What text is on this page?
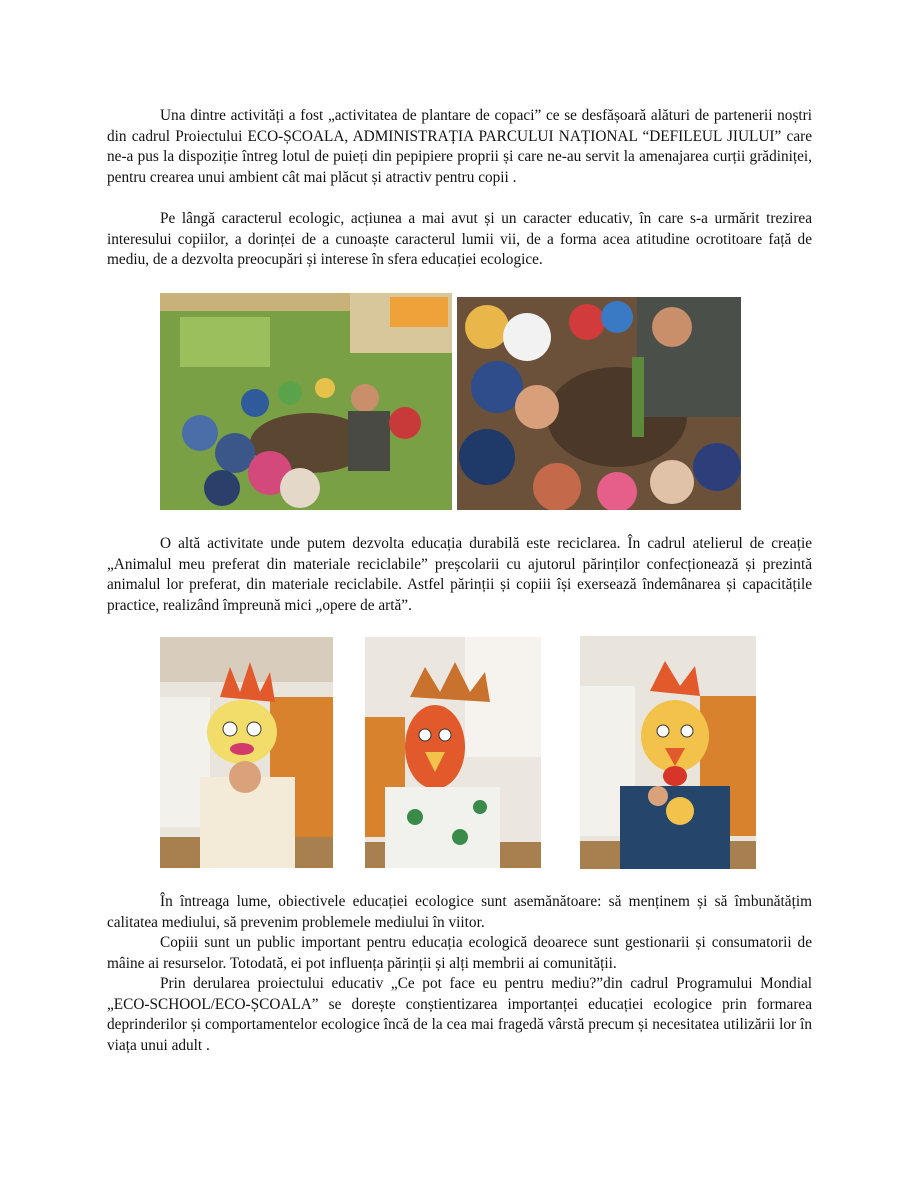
Una dintre activități a fost „activitatea de plantare de copaci” ce se desfășoară alături de partenerii noștri din cadrul Proiectului ECO-ȘCOALA, ADMINISTRAȚIA PARCULUI NAȚIONAL “DEFILEUL JIULUI” care ne-a pus la dispoziție întreg lotul de puieți din pepipiere proprii și care ne-au servit la amenajarea curții grădiniței, pentru crearea unui ambient cât mai plăcut și atractiv pentru copii .

Pe lângă caracterul ecologic, acțiunea a mai avut și un caracter educativ, în care s-a urmărit trezirea interesului copiilor, a dorinței de a cunoaște caracterul lumii vii, de a forma acea atitudine ocrotitoare față de mediu, de a dezvolta preocupări și interese în sfera educației ecologice.

O altă activitate unde putem dezvolta educația durabilă este reciclarea. În cadrul atelierul de creație „Animalul meu preferat din materiale reciclabile” preșcolarii cu ajutorul părinților confecționează și prezintă animalul lor preferat, din materiale reciclabile. Astfel părinții și copiii își exersează îndemânarea și capacitățile practice, realizând împreună mici „opere de artă”.

În întreaga lume, obiectivele educației ecologice sunt asemănătoare: să menținem și să îmbunătățim calitatea mediului, să prevenim problemele mediului în viitor.

Copiii sunt un public important pentru educația ecologică deoarece sunt gestionarii și consumatorii de mâine ai resurselor. Totodată, ei pot influența părinții și alți membrii ai comunității.

Prin derularea proiectului educativ „Ce pot face eu pentru mediu?”din cadrul Programului Mondial „ECO-SCHOOL/ECO-ȘCOALA” se dorește conștientizarea importanței educației ecologice prin formarea deprinderilor și comportamentelor ecologice încă de la cea mai fragedă vârstă precum și necesitatea utilizării lor în viața unui adult .
